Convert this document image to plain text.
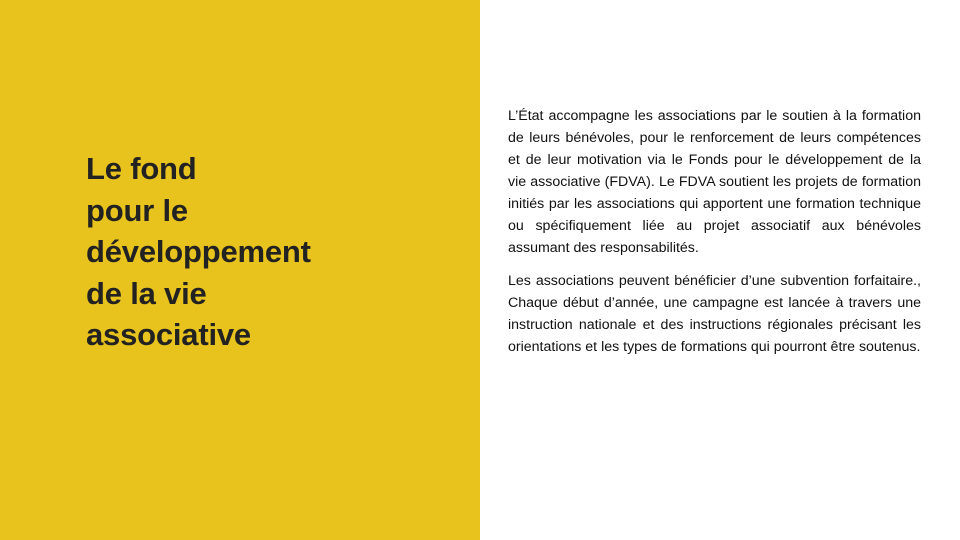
Le fond
pour le
développement
de la vie
associative

L’État accompagne les associations par le soutien à la formation de leurs bénévoles, pour le renforcement de leurs compétences et de leur motivation via le Fonds pour le développement de la vie associative (FDVA). Le FDVA soutient les projets de formation initiés par les associations qui apportent une formation technique ou spécifiquement liée au projet associatif aux bénévoles assumant des responsabilités.

Les associations peuvent bénéficier d’une subvention forfaitaire., Chaque début d’année, une campagne est lancée à travers une instruction nationale et des instructions régionales précisant les orientations et les types de formations qui pourront être soutenus.
